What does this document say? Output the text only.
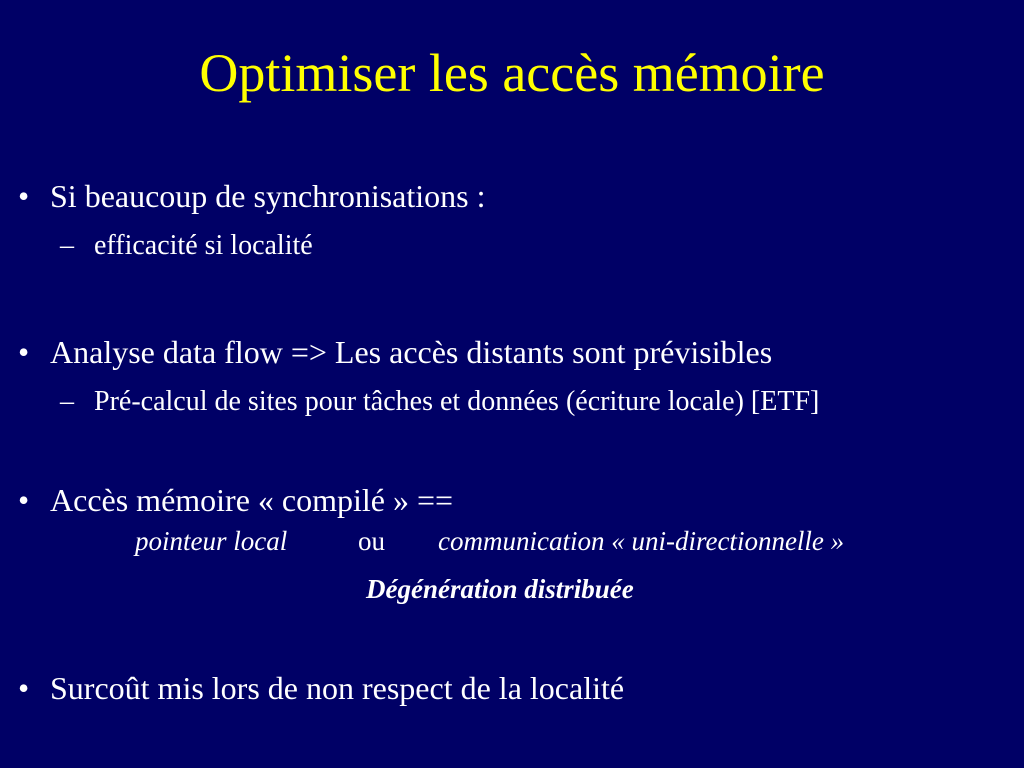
Optimiser les accès mémoire
• Si beaucoup de synchronisations :
– efficacité si localité
• Analyse data flow => Les accès distants sont prévisibles
– Pré-calcul de sites pour tâches et données (écriture locale) [ETF]
• Accès mémoire « compilé » ==
pointeur local	ou communication « uni-directionnelle »
Dégénération distribuée
• Surcoût mis lors de non respect de la localité
